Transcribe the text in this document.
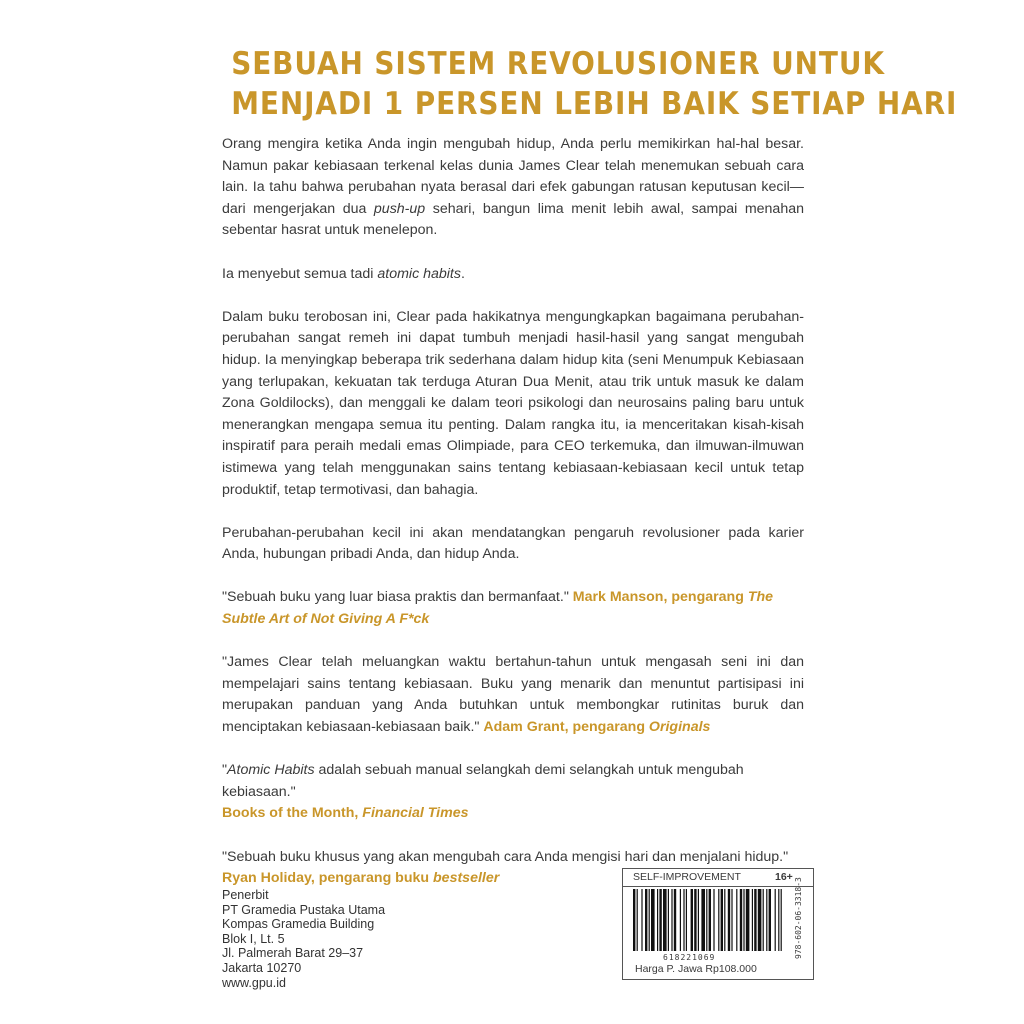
SEBUAH SISTEM REVOLUSIONER UNTUK
MENJADI 1 PERSEN LEBIH BAIK SETIAP HARI

Orang mengira ketika Anda ingin mengubah hidup, Anda perlu memikirkan hal-hal besar. Namun pakar kebiasaan terkenal kelas dunia James Clear telah menemukan sebuah cara lain. Ia tahu bahwa perubahan nyata berasal dari efek gabungan ratusan keputusan kecil—dari mengerjakan dua push-up sehari, bangun lima menit lebih awal, sampai menahan sebentar hasrat untuk menelepon.

Ia menyebut semua tadi atomic habits.

Dalam buku terobosan ini, Clear pada hakikatnya mengungkapkan bagaimana perubahan-perubahan sangat remeh ini dapat tumbuh menjadi hasil-hasil yang sangat mengubah hidup. Ia menyingkap beberapa trik sederhana dalam hidup kita (seni Menumpuk Kebiasaan yang terlupakan, kekuatan tak terduga Aturan Dua Menit, atau trik untuk masuk ke dalam Zona Goldilocks), dan menggali ke dalam teori psikologi dan neurosains paling baru untuk menerangkan mengapa semua itu penting. Dalam rangka itu, ia menceritakan kisah-kisah inspiratif para peraih medali emas Olimpiade, para CEO terkemuka, dan ilmuwan-ilmuwan istimewa yang telah menggunakan sains tentang kebiasaan-kebiasaan kecil untuk tetap produktif, tetap termotivasi, dan bahagia.

Perubahan-perubahan kecil ini akan mendatangkan pengaruh revolusioner pada karier Anda, hubungan pribadi Anda, dan hidup Anda.

"Sebuah buku yang luar biasa praktis dan bermanfaat." Mark Manson, pengarang The Subtle Art of Not Giving A F*ck
"James Clear telah meluangkan waktu bertahun-tahun untuk mengasah seni ini dan mempelajari sains tentang kebiasaan. Buku yang menarik dan menuntut partisipasi ini merupakan panduan yang Anda butuhkan untuk membongkar rutinitas buruk dan menciptakan kebiasaan-kebiasaan baik." Adam Grant, pengarang Originals
"Atomic Habits adalah sebuah manual selangkah demi selangkah untuk mengubah kebiasaan."
Books of the Month, Financial Times
"Sebuah buku khusus yang akan mengubah cara Anda mengisi hari dan menjalani hidup."
Ryan Holiday, pengarang buku bestseller
Penerbit
PT Gramedia Pustaka Utama
Kompas Gramedia Building
Blok I, Lt. 5
Jl. Palmerah Barat 29–37
Jakarta 10270
www.gpu.id
SELF-IMPROVEMENT	16+
618221069	978-602-06-3318-3
Harga P. Jawa Rp108.000
